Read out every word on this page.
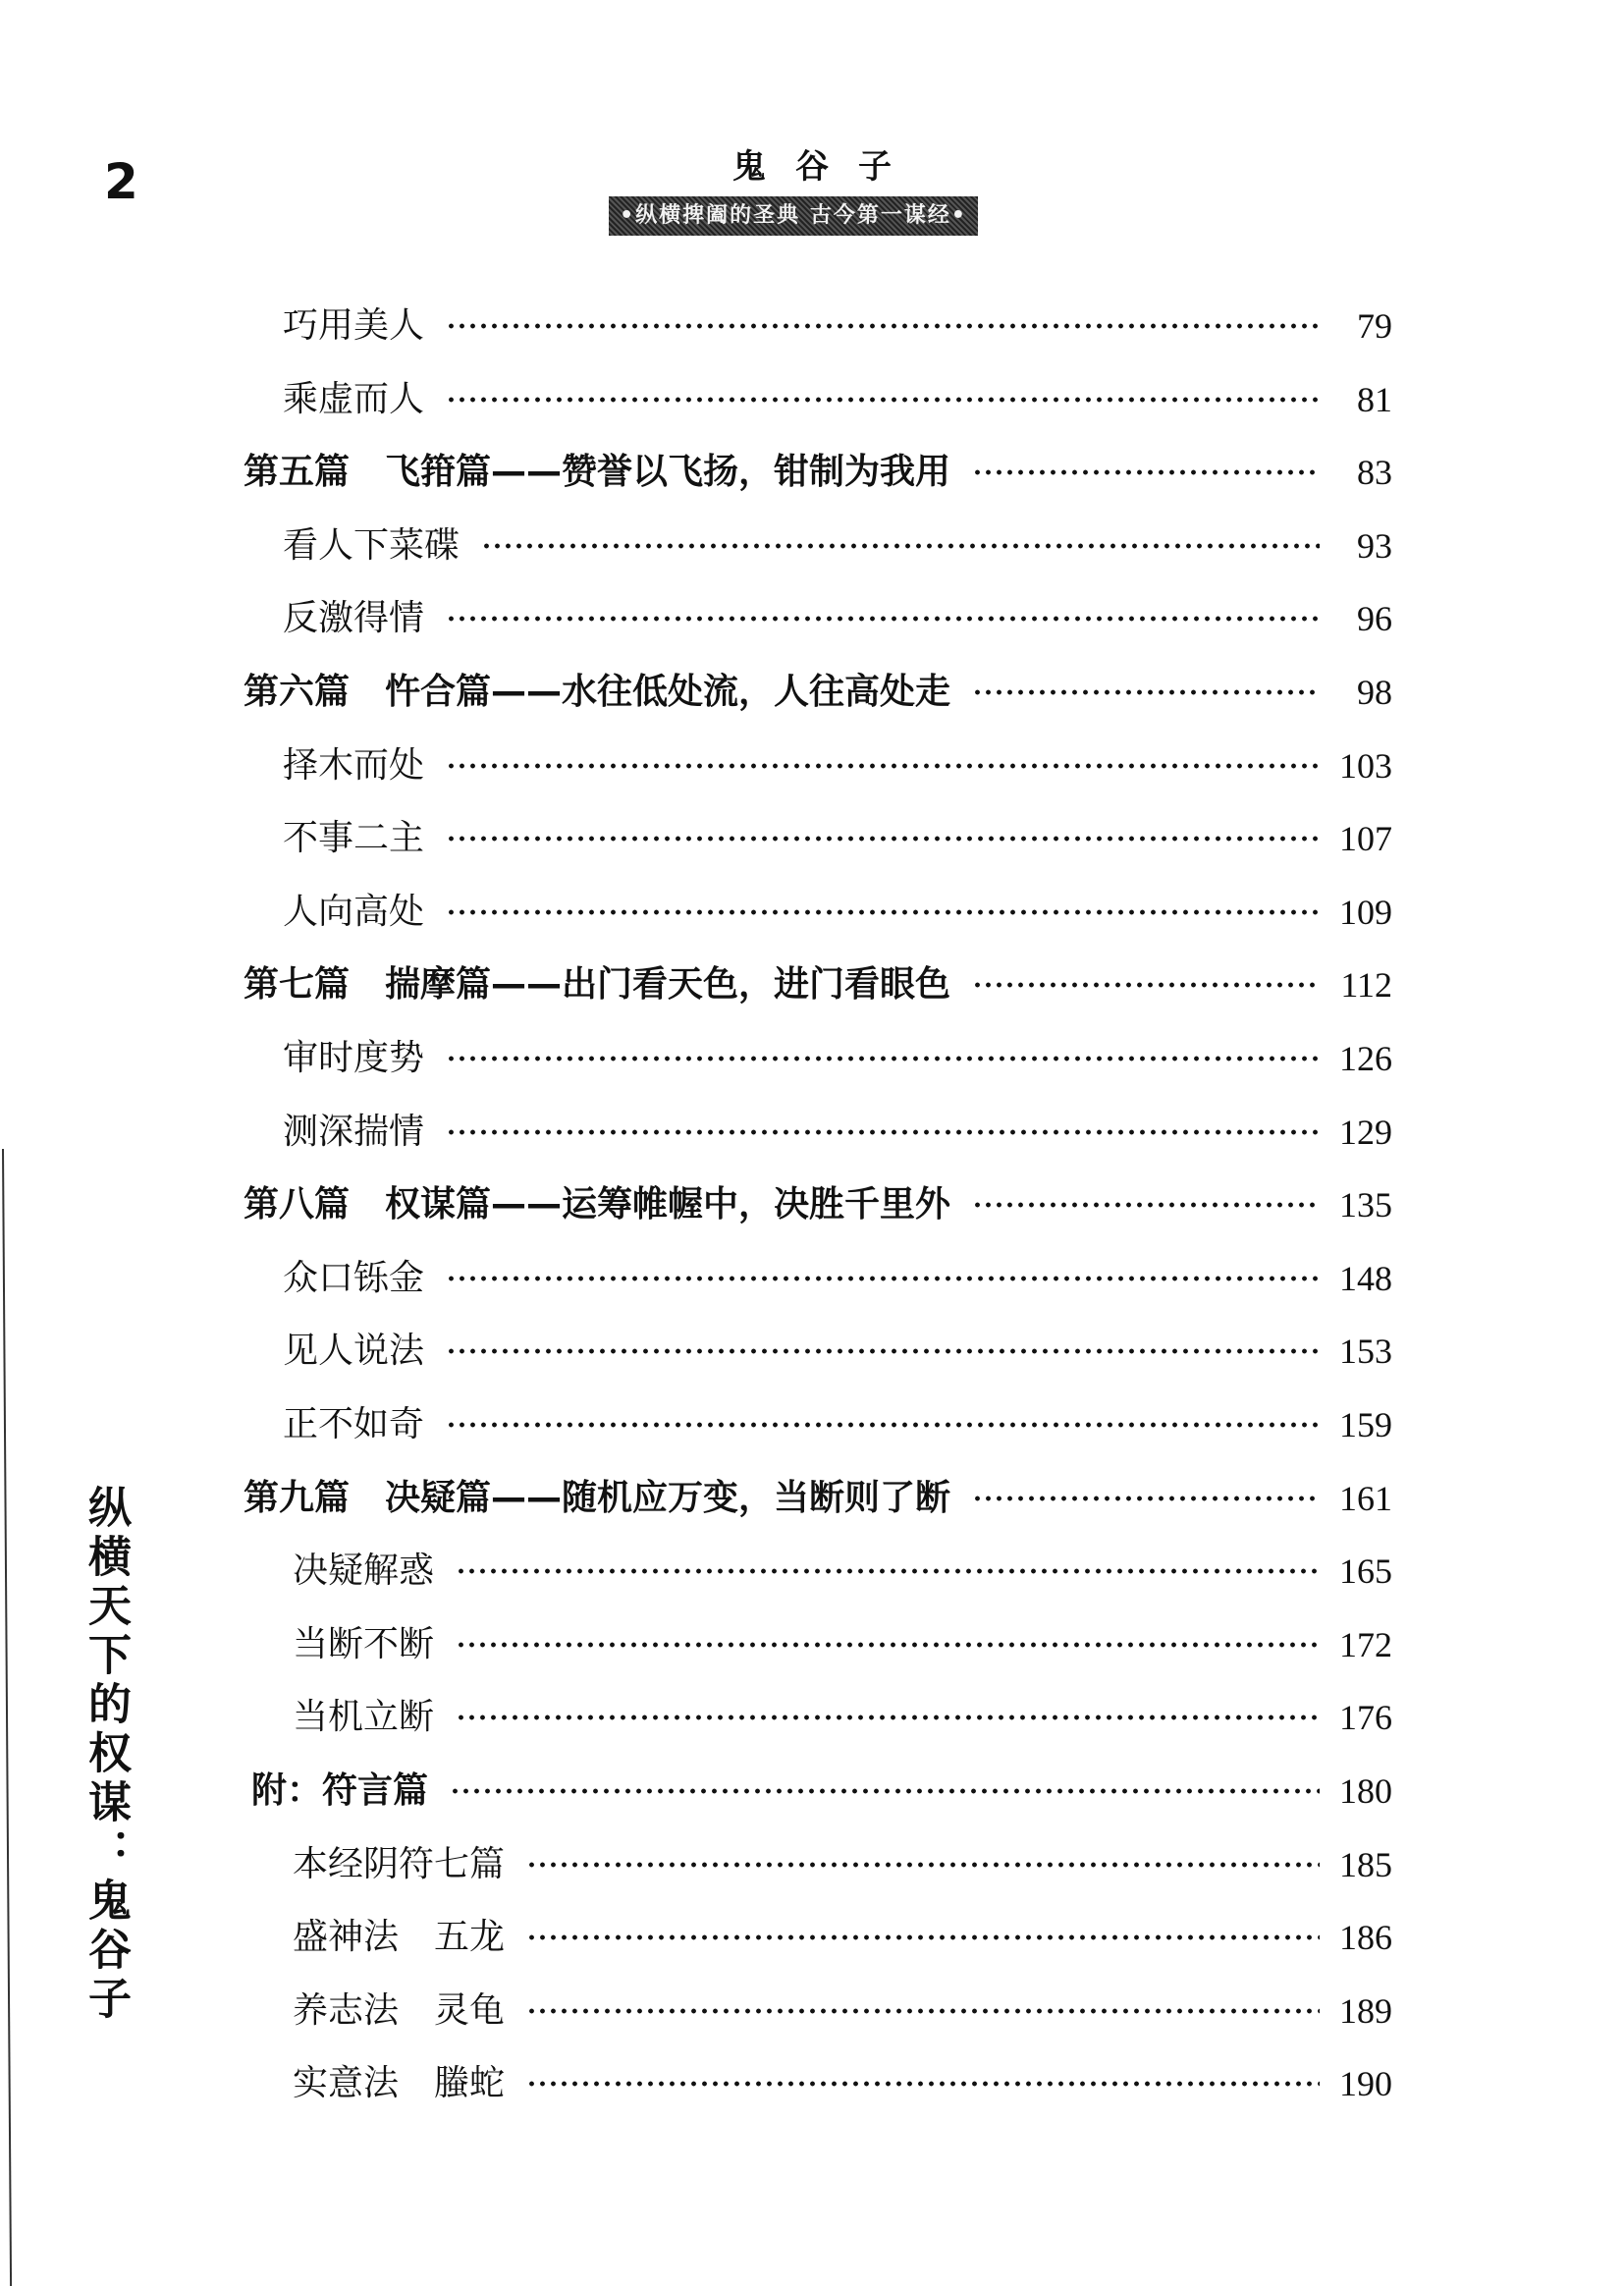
2	鬼谷子
•纵横捭阖的圣典 古今第一谋经•
巧用美人	79
乘虚而人	81
第五篇　飞箝篇——赞誉以飞扬，钳制为我用	83
看人下菜碟	93
反激得情	96
第六篇　忤合篇——水往低处流，人往高处走	98
择木而处	103
不事二主	107
人向高处	109
第七篇　揣摩篇——出门看天色，进门看眼色	112
审时度势	126
测深揣情	129
第八篇　权谋篇——运筹帷幄中，决胜千里外	135
众口铄金	148
见人说法	153
正不如奇	159
第九篇　决疑篇——随机应万变，当断则了断	161
决疑解惑	165
当断不断	172
当机立断	176
附：符言篇	180
本经阴符七篇	185
盛神法　五龙	186
养志法　灵龟	189
实意法　螣蛇	190
纵横天下的权谋：鬼谷子
